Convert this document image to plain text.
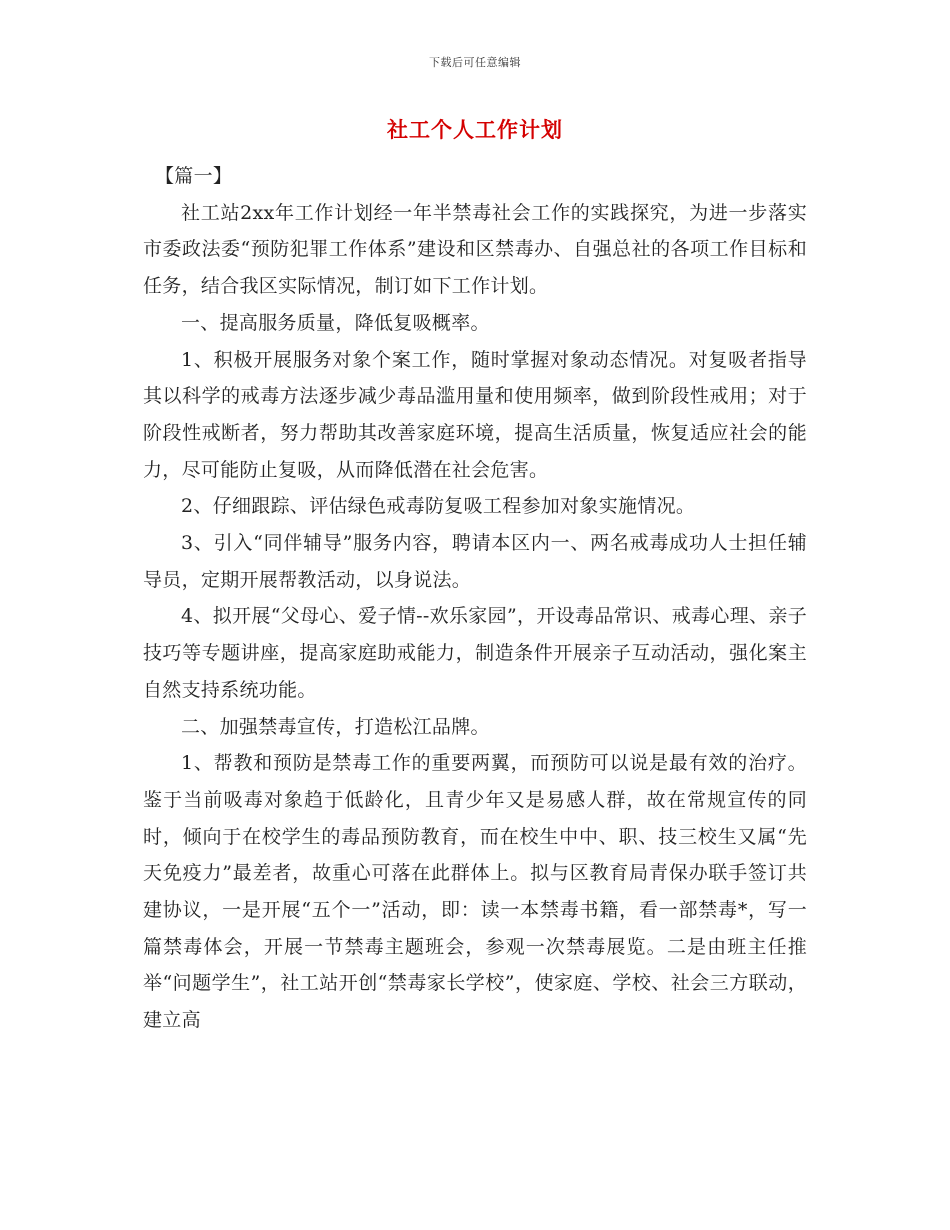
下载后可任意编辑
社工个人工作计划

【篇一】

社工站2xx年工作计划经一年半禁毒社会工作的实践探究，为进一步落实市委政法委“预防犯罪工作体系”建设和区禁毒办、自强总社的各项工作目标和任务，结合我区实际情况，制订如下工作计划。

一、提高服务质量，降低复吸概率。

1、积极开展服务对象个案工作，随时掌握对象动态情况。对复吸者指导其以科学的戒毒方法逐步减少毒品滥用量和使用频率，做到阶段性戒用；对于阶段性戒断者，努力帮助其改善家庭环境，提高生活质量，恢复适应社会的能力，尽可能防止复吸，从而降低潜在社会危害。

2、仔细跟踪、评估绿色戒毒防复吸工程参加对象实施情况。

3、引入“同伴辅导”服务内容，聘请本区内一、两名戒毒成功人士担任辅导员，定期开展帮教活动，以身说法。

4、拟开展“父母心、爱子情--欢乐家园”，开设毒品常识、戒毒心理、亲子技巧等专题讲座，提高家庭助戒能力，制造条件开展亲子互动活动，强化案主自然支持系统功能。

二、加强禁毒宣传，打造松江品牌。

1、帮教和预防是禁毒工作的重要两翼，而预防可以说是最有效的治疗。鉴于当前吸毒对象趋于低龄化，且青少年又是易感人群，故在常规宣传的同时，倾向于在校学生的毒品预防教育，而在校生中中、职、技三校生又属“先天免疫力”最差者，故重心可落在此群体上。拟与区教育局青保办联手签订共建协议，一是开展“五个一”活动，即：读一本禁毒书籍，看一部禁毒*，写一篇禁毒体会，开展一节禁毒主题班会，参观一次禁毒展览。二是由班主任推举“问题学生”，社工站开创“禁毒家长学校”，使家庭、学校、社会三方联动，建立高
